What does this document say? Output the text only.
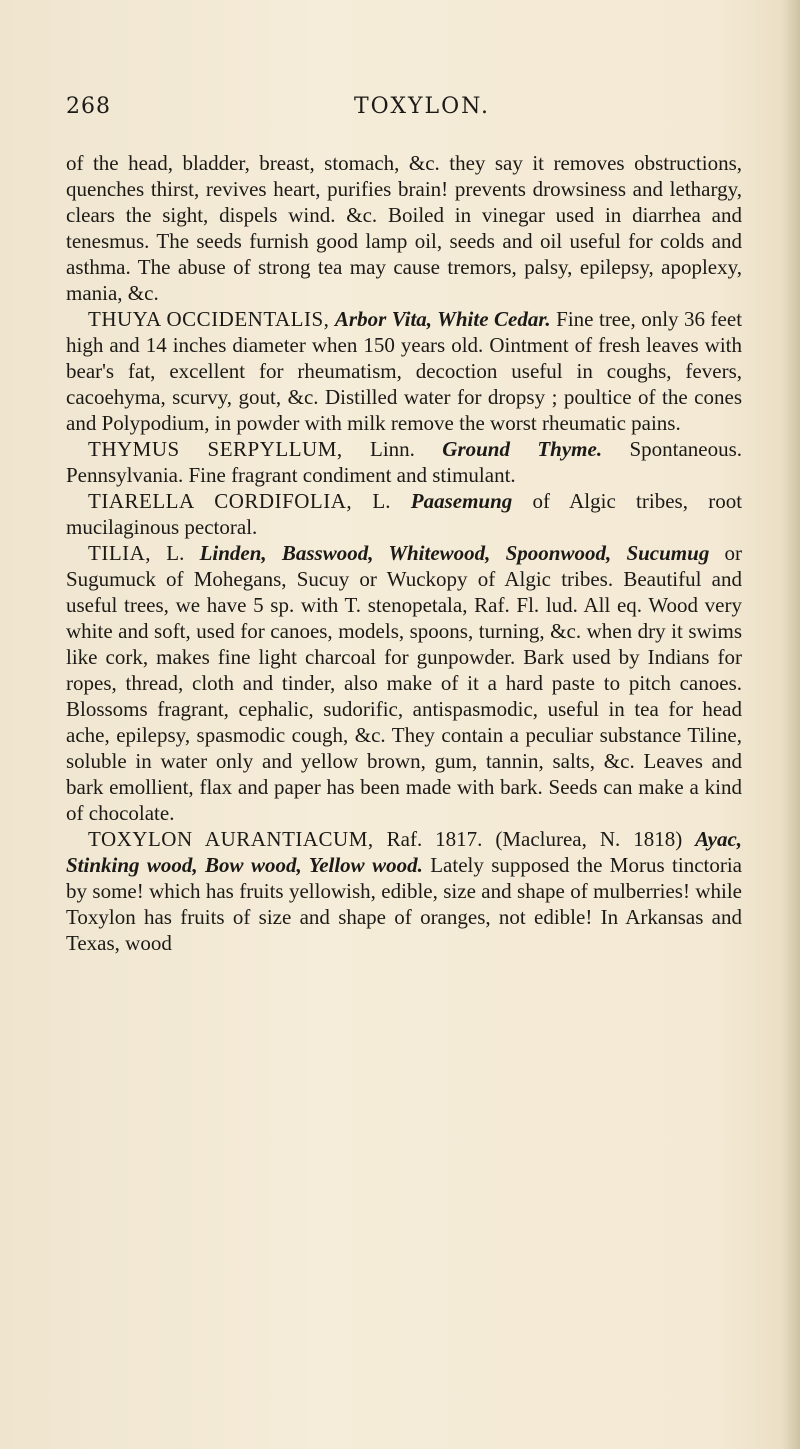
268	TOXYLON.

of the head, bladder, breast, stomach, &c. they say it removes obstructions, quenches thirst, revives heart, purifies brain! prevents drowsiness and lethargy, clears the sight, dispels wind. &c. Boiled in vinegar used in diarrhea and tenesmus. The seeds furnish good lamp oil, seeds and oil useful for colds and asthma. The abuse of strong tea may cause tremors, palsy, epilepsy, apoplexy, mania, &c.

THUYA OCCIDENTALIS, Arbor Vita, White Cedar. Fine tree, only 36 feet high and 14 inches diameter when 150 years old. Ointment of fresh leaves with bear's fat, excellent for rheumatism, decoction useful in coughs, fevers, cacoehyma, scurvy, gout, &c. Distilled water for dropsy ; poultice of the cones and Polypodium, in powder with milk remove the worst rheumatic pains.

THYMUS SERPYLLUM, Linn. Ground Thyme. Spontaneous. Pennsylvania. Fine fragrant condiment and stimulant.

TIARELLA CORDIFOLIA, L. Paasemung of Algic tribes, root mucilaginous pectoral.

TILIA, L. Linden, Basswood, Whitewood, Spoonwood, Sucumug or Sugumuck of Mohegans, Sucuy or Wuckopy of Algic tribes. Beautiful and useful trees, we have 5 sp. with T. stenopetala, Raf. Fl. lud. All eq. Wood very white and soft, used for canoes, models, spoons, turning, &c. when dry it swims like cork, makes fine light charcoal for gunpowder. Bark used by Indians for ropes, thread, cloth and tinder, also make of it a hard paste to pitch canoes. Blossoms fragrant, cephalic, sudorific, antispasmodic, useful in tea for head ache, epilepsy, spasmodic cough, &c. They contain a peculiar substance Tiline, soluble in water only and yellow brown, gum, tannin, salts, &c. Leaves and bark emollient, flax and paper has been made with bark. Seeds can make a kind of chocolate.

TOXYLON AURANTIACUM, Raf. 1817. (Maclurea, N. 1818) Ayac, Stinking wood, Bow wood, Yellow wood. Lately supposed the Morus tinctoria by some! which has fruits yellowish, edible, size and shape of mulberries! while Toxylon has fruits of size and shape of oranges, not edible! In Arkansas and Texas, wood
